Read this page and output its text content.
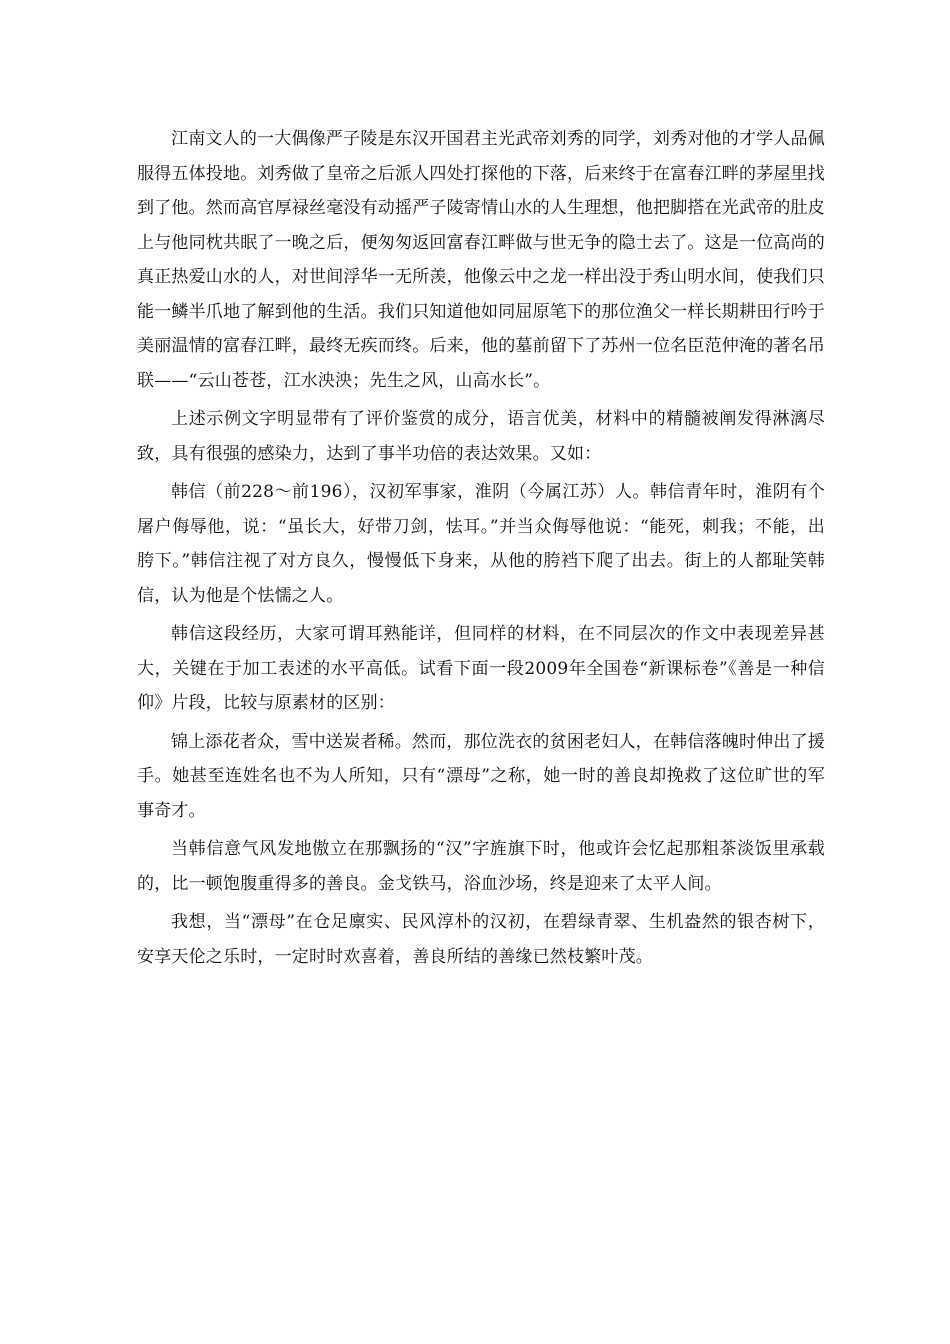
江南文人的一大偶像严子陵是东汉开国君主光武帝刘秀的同学，刘秀对他的才学人品佩服得五体投地。刘秀做了皇帝之后派人四处打探他的下落，后来终于在富春江畔的茅屋里找到了他。然而高官厚禄丝毫没有动摇严子陵寄情山水的人生理想，他把脚搭在光武帝的肚皮上与他同枕共眠了一晚之后，便匆匆返回富春江畔做与世无争的隐士去了。这是一位高尚的真正热爱山水的人，对世间浮华一无所羡，他像云中之龙一样出没于秀山明水间，使我们只能一鳞半爪地了解到他的生活。我们只知道他如同屈原笔下的那位渔父一样长期耕田行吟于美丽温情的富春江畔，最终无疾而终。后来，他的墓前留下了苏州一位名臣范仲淹的著名吊联——“云山苍苍，江水泱泱；先生之风，山高水长”。

上述示例文字明显带有了评价鉴赏的成分，语言优美，材料中的精髓被阐发得淋漓尽致，具有很强的感染力，达到了事半功倍的表达效果。又如：

韩信（前228～前196），汉初军事家，淮阴（今属江苏）人。韩信青年时，淮阴有个屠户侮辱他，说：“虽长大，好带刀剑，怯耳。”并当众侮辱他说：“能死，刺我；不能，出胯下。”韩信注视了对方良久，慢慢低下身来，从他的胯裆下爬了出去。街上的人都耻笑韩信，认为他是个怯懦之人。

韩信这段经历，大家可谓耳熟能详，但同样的材料，在不同层次的作文中表现差异甚大，关键在于加工表述的水平高低。试看下面一段2009年全国卷“新课标卷”《善是一种信仰》片段，比较与原素材的区别：

锦上添花者众，雪中送炭者稀。然而，那位洗衣的贫困老妇人，在韩信落魄时伸出了援手。她甚至连姓名也不为人所知，只有“漂母”之称，她一时的善良却挽救了这位旷世的军事奇才。

当韩信意气风发地傲立在那飘扬的“汉”字旌旗下时，他或许会忆起那粗茶淡饭里承载的，比一顿饱腹重得多的善良。金戈铁马，浴血沙场，终是迎来了太平人间。

我想，当“漂母”在仓足廪实、民风淳朴的汉初，在碧绿青翠、生机盎然的银杏树下，安享天伦之乐时，一定时时欢喜着，善良所结的善缘已然枝繁叶茂。
